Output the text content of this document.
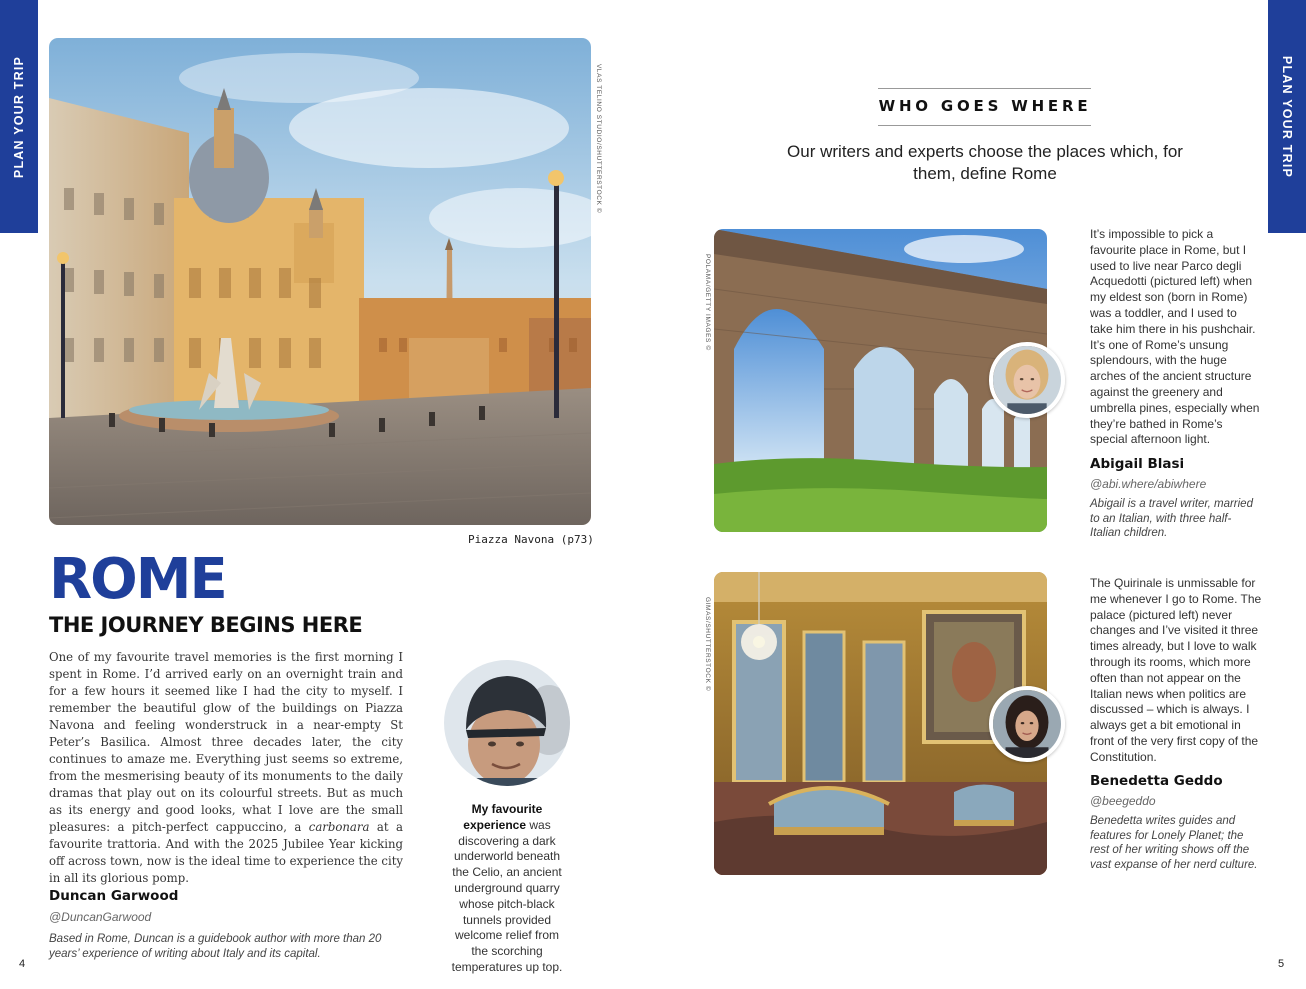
PLAN YOUR TRIP	PLAN YOUR TRIP
VLAS TELINO STUDIO/SHUTTERSTOCK ©
Piazza Navona (p73)
ROME
THE JOURNEY BEGINS HERE
One of my favourite travel memories is the first morning I spent in Rome. I’d arrived early on an overnight train and for a few hours it seemed like I had the city to myself. I remember the beautiful glow of the buildings on Piazza Navona and feeling wonderstruck in a near-empty St Peter’s Basilica. Almost three decades later, the city continues to amaze me. Everything just seems so extreme, from the mesmerising beauty of its monuments to the daily dramas that play out on its colourful streets. But as much as its energy and good looks, what I love are the small pleasures: a pitch-perfect cappuccino, a carbonara at a favourite trattoria. And with the 2025 Jubilee Year kicking off across town, now is the ideal time to experience the city in all its glorious pomp.
Duncan Garwood
@DuncanGarwood
Based in Rome, Duncan is a guidebook author with more than 20 years’ experience of writing about Italy and its capital.
My favourite experience was discovering a dark underworld beneath the Celio, an ancient underground quarry whose pitch-black tunnels provided welcome relief from the scorching temperatures up top.
4
WHO GOES WHERE
Our writers and experts choose the places which, for them, define Rome
POLAMA/GETTY IMAGES ©
It’s impossible to pick a favourite place in Rome, but I used to live near Parco degli Acquedotti (pictured left) when my eldest son (born in Rome) was a toddler, and I used to take him there in his pushchair. It’s one of Rome’s unsung splendours, with the huge arches of the ancient structure against the greenery and umbrella pines, especially when they’re bathed in Rome’s special afternoon light.
Abigail Blasi
@abi.where/abiwhere
Abigail is a travel writer, married to an Italian, with three half-Italian children.
GIMAS/SHUTTERSTOCK ©
The Quirinale is unmissable for me whenever I go to Rome. The palace (pictured left) never changes and I’ve visited it three times already, but I love to walk through its rooms, which more often than not appear on the Italian news when politics are discussed – which is always. I always get a bit emotional in front of the very first copy of the Constitution.
Benedetta Geddo
@beegeddo
Benedetta writes guides and features for Lonely Planet; the rest of her writing shows off the vast expanse of her nerd culture.
5
